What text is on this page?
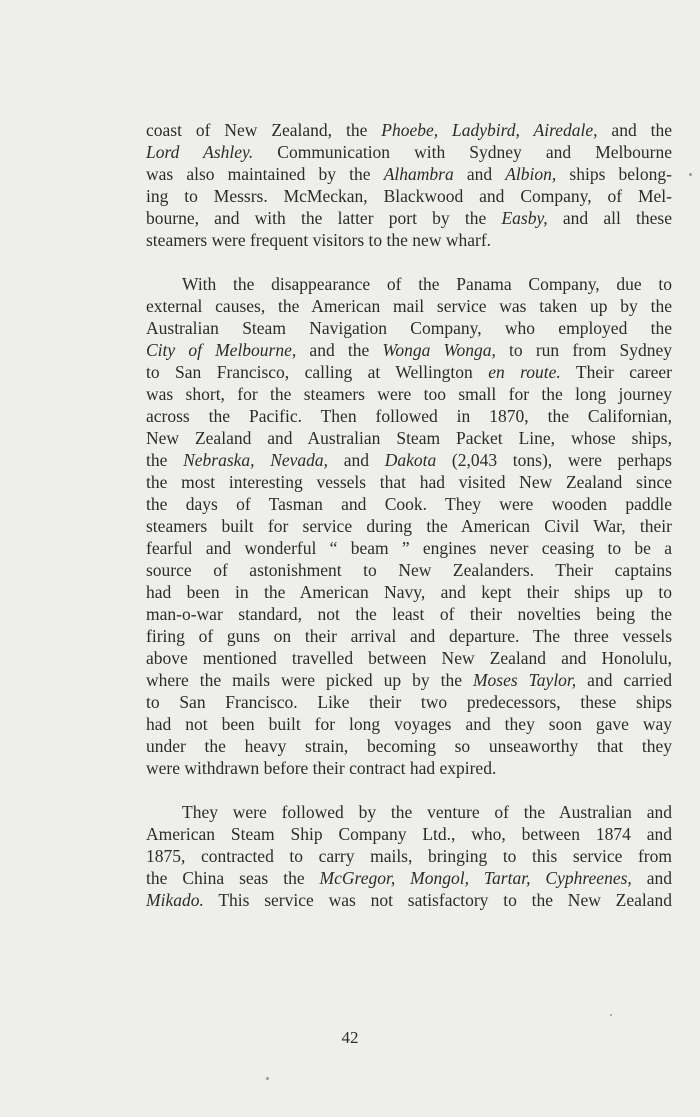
coast of New Zealand, the Phoebe, Ladybird, Airedale, and the
Lord Ashley. Communication with Sydney and Melbourne
was also maintained by the Alhambra and Albion, ships belong-
ing to Messrs. McMeckan, Blackwood and Company, of Mel-
bourne, and with the latter port by the Easby, and all these
steamers were frequent visitors to the new wharf.

With the disappearance of the Panama Company, due to
external causes, the American mail service was taken up by the
Australian Steam Navigation Company, who employed the
City of Melbourne, and the Wonga Wonga, to run from Sydney
to San Francisco, calling at Wellington en route. Their career
was short, for the steamers were too small for the long journey
across the Pacific. Then followed in 1870, the Californian,
New Zealand and Australian Steam Packet Line, whose ships,
the Nebraska, Nevada, and Dakota (2,043 tons), were perhaps
the most interesting vessels that had visited New Zealand since
the days of Tasman and Cook. They were wooden paddle
steamers built for service during the American Civil War, their
fearful and wonderful “ beam ” engines never ceasing to be a
source of astonishment to New Zealanders. Their captains
had been in the American Navy, and kept their ships up to
man-o-war standard, not the least of their novelties being the
firing of guns on their arrival and departure. The three vessels
above mentioned travelled between New Zealand and Honolulu,
where the mails were picked up by the Moses Taylor, and carried
to San Francisco. Like their two predecessors, these ships
had not been built for long voyages and they soon gave way
under the heavy strain, becoming so unseaworthy that they
were withdrawn before their contract had expired.

They were followed by the venture of the Australian and
American Steam Ship Company Ltd., who, between 1874 and
1875, contracted to carry mails, bringing to this service from
the China seas the McGregor, Mongol, Tartar, Cyphreenes, and
Mikado. This service was not satisfactory to the New Zealand

42
